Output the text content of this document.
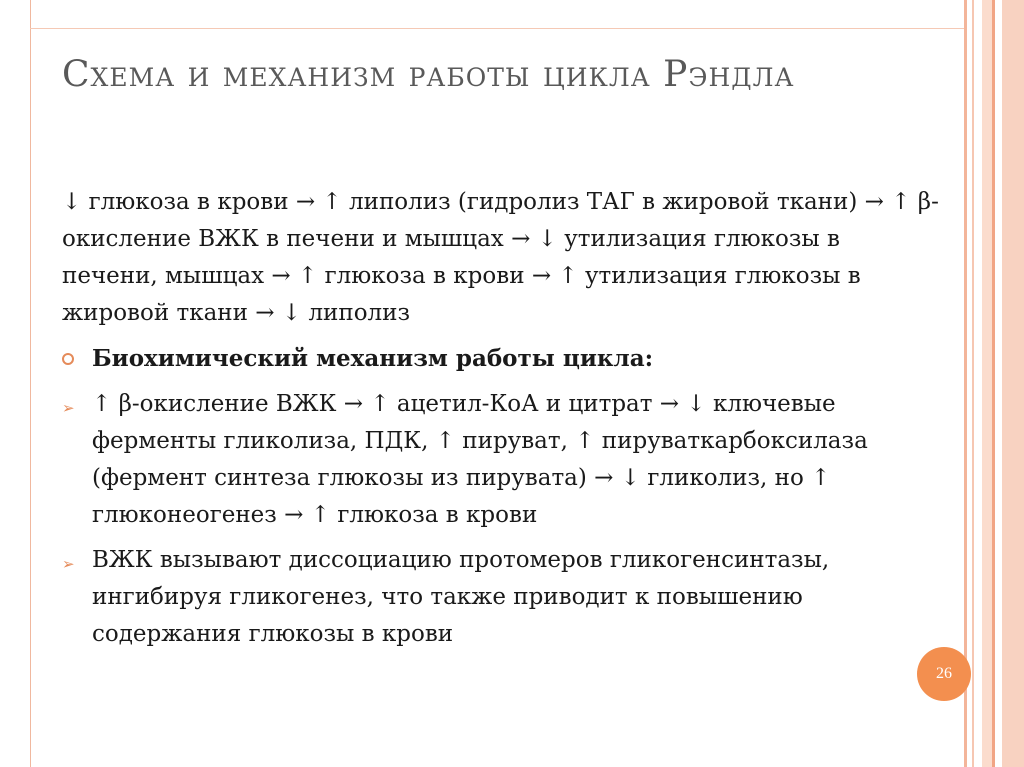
Схема и механизм работы цикла Рэндла

↓ глюкоза в крови → ↑ липолиз (гидролиз ТАГ в жировой ткани) → ↑ β-окисление ВЖК в печени и мышцах → ↓ утилизация глюкозы в печени, мышцах → ↑ глюкоза в крови → ↑ утилизация глюкозы в жировой ткани → ↓ липолиз

Биохимический механизм работы цикла:
➢ ↑ β-окисление ВЖК → ↑ ацетил-КоА и цитрат → ↓ ключевые ферменты гликолиза, ПДК, ↑ пируват, ↑ пируваткарбоксилаза (фермент синтеза глюкозы из пирувата) → ↓ гликолиз, но ↑ глюконеогенез → ↑ глюкоза в крови
➢ ВЖК вызывают диссоциацию протомеров гликогенсинтазы, ингибируя гликогенез, что также приводит к повышению содержания глюкозы в крови
26
